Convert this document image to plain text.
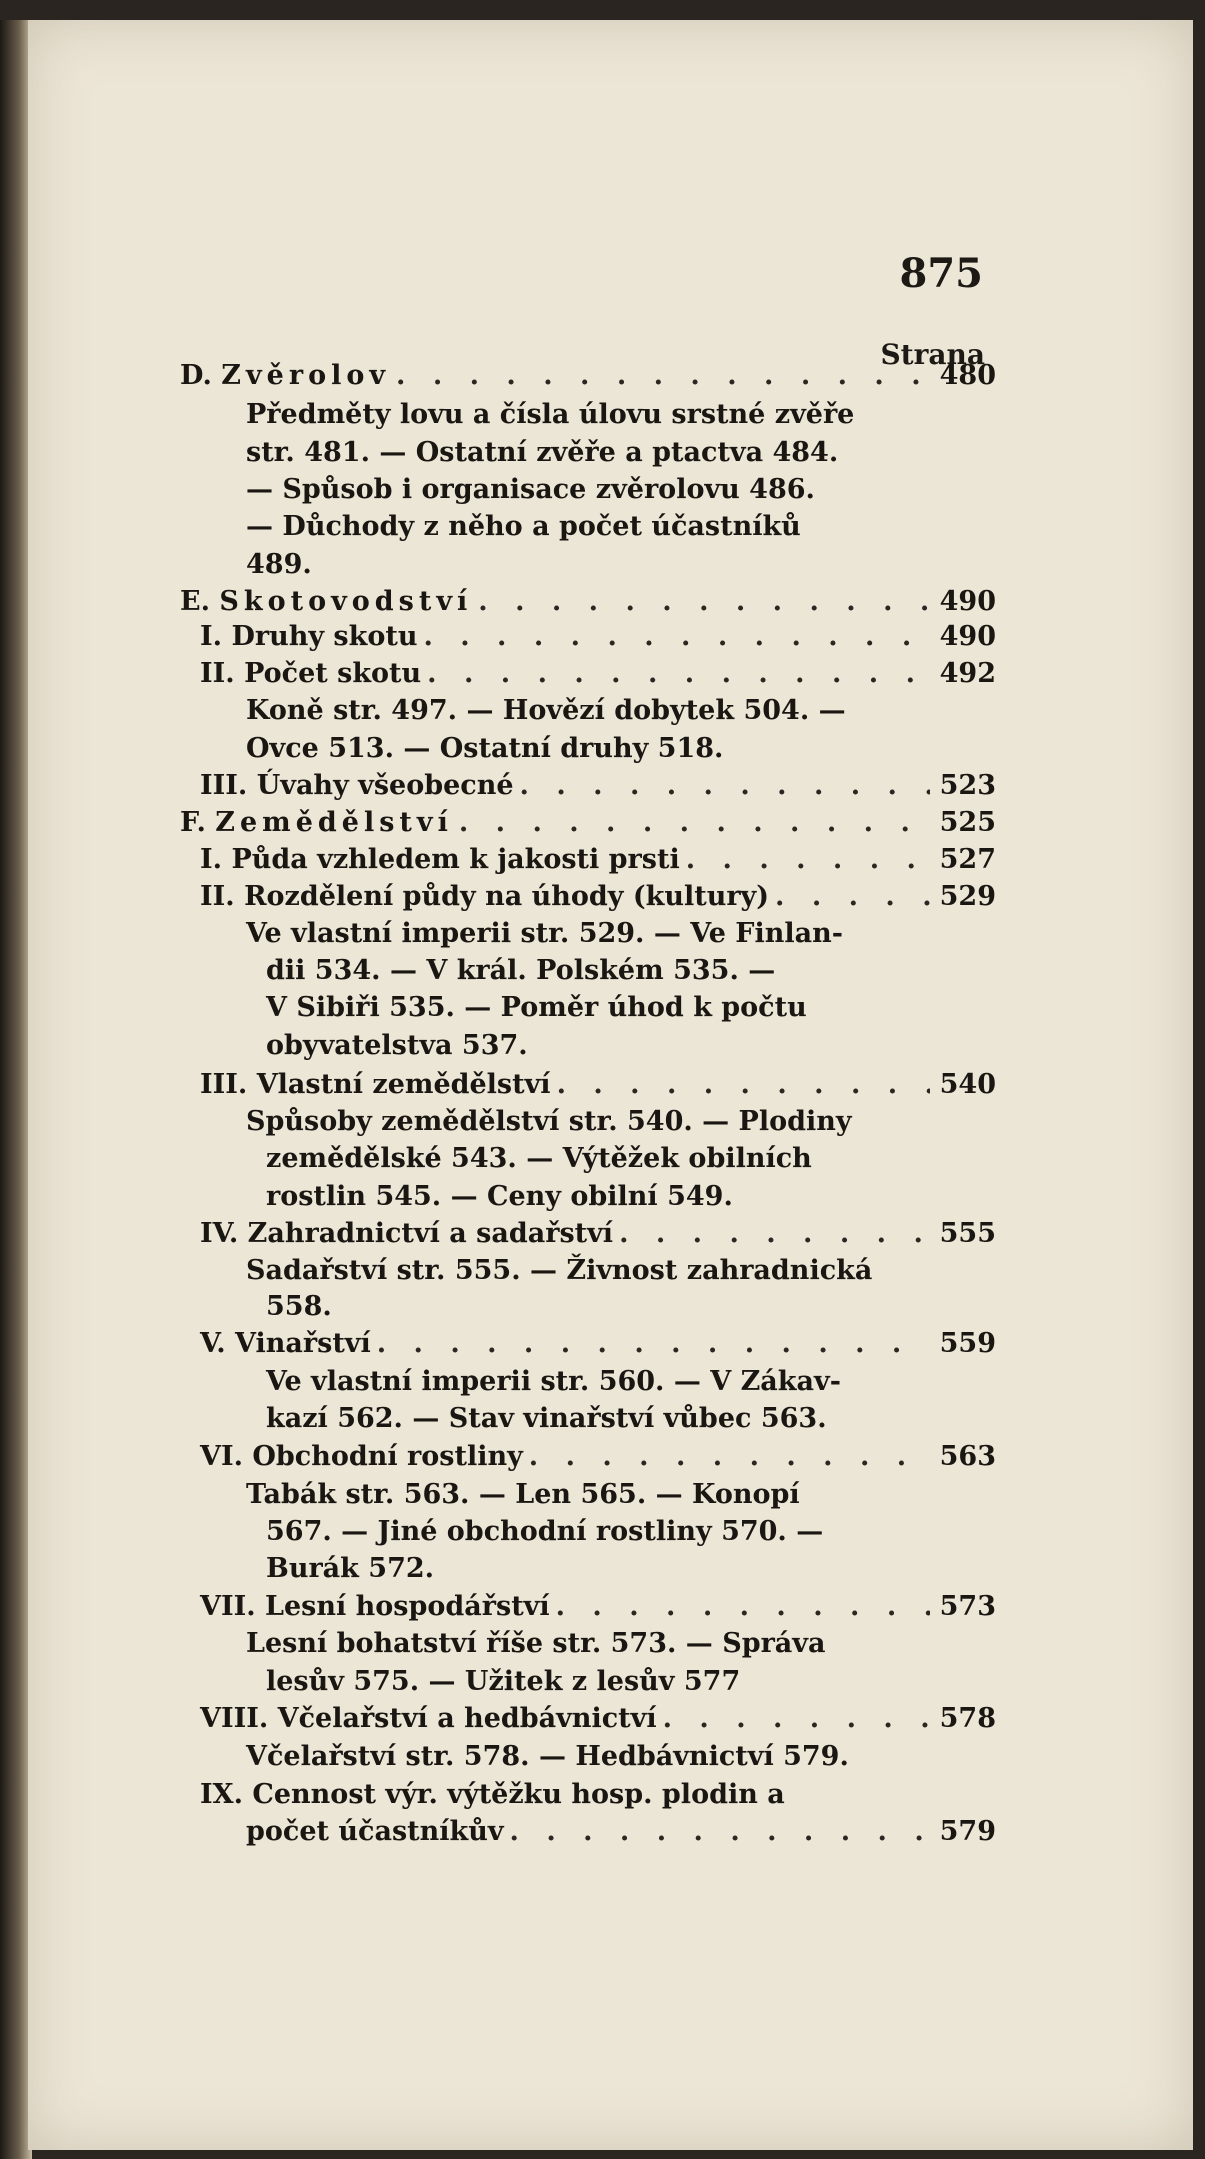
875
Strana
D. Zvěrolov . . .	480
Předměty lovu a čísla úlovu srstné zvěře
str. 481. — Ostatní zvěře a ptactva 484.
— Spůsob i organisace zvěrolovu 486.
— Důchody z něho a počet účastníků
489.
E. Skotovodství . . .	490
I. Druhy skotu . . .	490
II. Počet skotu . . .	492
Koně str. 497. — Hovězí dobytek 504. —
Ovce 513. — Ostatní druhy 518.
III. Úvahy všeobecné . . .	523
F. Zemědělství . . .	525
I. Půda vzhledem k jakosti prsti . . .	527
II. Rozdělení půdy na úhody (kultury) . . .	529
Ve vlastní imperii str. 529. — Ve Finlan-
dii 534. — V král. Polském 535. —
V Sibiři 535. — Poměr úhod k počtu
obyvatelstva 537.
III. Vlastní zemědělství . . .	540
Spůsoby zemědělství str. 540. — Plodiny
zemědělské 543. — Výtěžek obilních
rostlin 545. — Ceny obilní 549.
IV. Zahradnictví a sadařství . . .	555
Sadařství str. 555. — Živnost zahradnická
558.
V. Vinařství . . .	559
Ve vlastní imperii str. 560. — V Zákav-
kazí 562. — Stav vinařství vůbec 563.
VI. Obchodní rostliny . . .	563
Tabák str. 563. — Len 565. — Konopí
567. — Jiné obchodní rostliny 570. —
Burák 572.
VII. Lesní hospodářství . . .	573
Lesní bohatství říše str. 573. — Správa
lesův 575. — Užitek z lesův 577
VIII. Včelařství a hedbávnictví . . .	578
Včelařství str. 578. — Hedbávnictví 579.
IX. Cennost výr. výtěžku hosp. plodin a
počet účastníkův . . .	579
